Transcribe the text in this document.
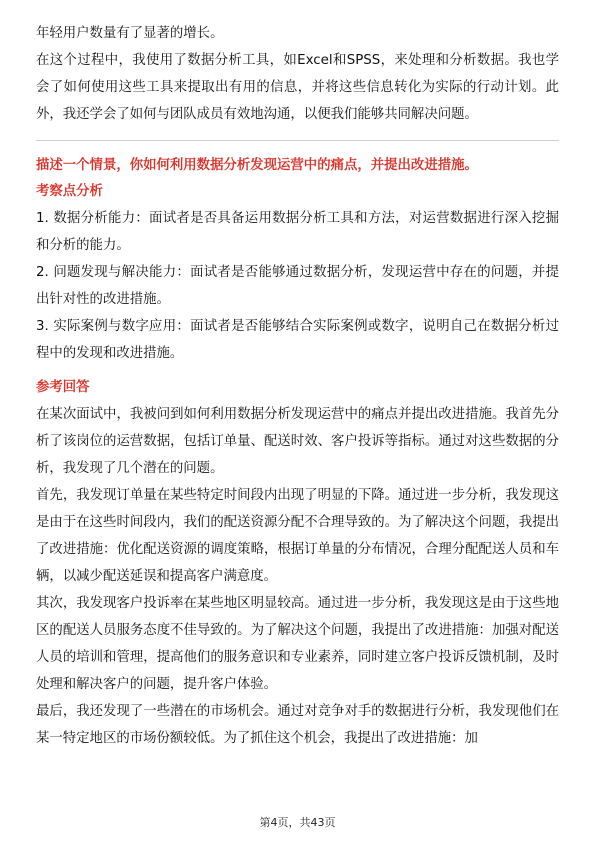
年轻用户数量有了显著的增长。

在这个过程中，我使用了数据分析工具，如Excel和SPSS，来处理和分析数据。我也学会了如何使用这些工具来提取出有用的信息，并将这些信息转化为实际的行动计划。此外，我还学会了如何与团队成员有效地沟通，以便我们能够共同解决问题。

描述一个情景，你如何利用数据分析发现运营中的痛点，并提出改进措施。

考察点分析

1. 数据分析能力：面试者是否具备运用数据分析工具和方法，对运营数据进行深入挖掘和分析的能力。

2. 问题发现与解决能力：面试者是否能够通过数据分析，发现运营中存在的问题，并提出针对性的改进措施。

3. 实际案例与数字应用：面试者是否能够结合实际案例或数字，说明自己在数据分析过程中的发现和改进措施。

参考回答

在某次面试中，我被问到如何利用数据分析发现运营中的痛点并提出改进措施。我首先分析了该岗位的运营数据，包括订单量、配送时效、客户投诉等指标。通过对这些数据的分析，我发现了几个潜在的问题。

首先，我发现订单量在某些特定时间段内出现了明显的下降。通过进一步分析，我发现这是由于在这些时间段内，我们的配送资源分配不合理导致的。为了解决这个问题，我提出了改进措施：优化配送资源的调度策略，根据订单量的分布情况，合理分配配送人员和车辆，以减少配送延误和提高客户满意度。

其次，我发现客户投诉率在某些地区明显较高。通过进一步分析，我发现这是由于这些地区的配送人员服务态度不佳导致的。为了解决这个问题，我提出了改进措施：加强对配送人员的培训和管理，提高他们的服务意识和专业素养，同时建立客户投诉反馈机制，及时处理和解决客户的问题，提升客户体验。

最后，我还发现了一些潜在的市场机会。通过对竞争对手的数据进行分析，我发现他们在某一特定地区的市场份额较低。为了抓住这个机会，我提出了改进措施：加

第4页，共43页
